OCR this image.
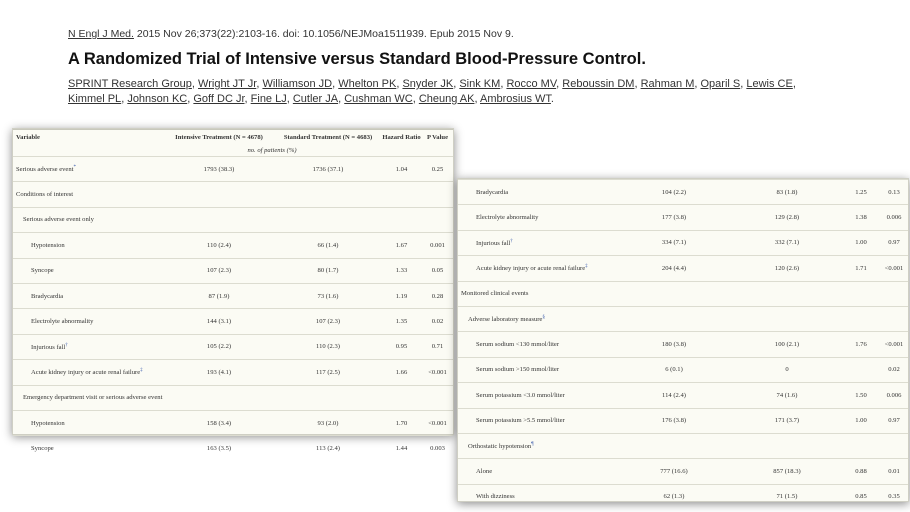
N Engl J Med. 2015 Nov 26;373(22):2103-16. doi: 10.1056/NEJMoa1511939. Epub 2015 Nov 9.
A Randomized Trial of Intensive versus Standard Blood-Pressure Control.
SPRINT Research Group, Wright JT Jr, Williamson JD, Whelton PK, Snyder JK, Sink KM, Rocco MV, Reboussin DM, Rahman M, Oparil S, Lewis CE, Kimmel PL, Johnson KC, Goff DC Jr, Fine LJ, Cutler JA, Cushman WC, Cheung AK, Ambrosius WT.
Variable	Intensive Treatment (N = 4678)	Standard Treatment (N = 4683)	Hazard Ratio	P Value
	no. of patients (%)			
Serious adverse event*	1793 (38.3)	1736 (37.1)	1.04	0.25
Conditions of interest				
Serious adverse event only				
Hypotension	110 (2.4)	66 (1.4)	1.67	0.001
Syncope	107 (2.3)	80 (1.7)	1.33	0.05
Bradycardia	87 (1.9)	73 (1.6)	1.19	0.28
Electrolyte abnormality	144 (3.1)	107 (2.3)	1.35	0.02
Injurious fall†	105 (2.2)	110 (2.3)	0.95	0.71
Acute kidney injury or acute renal failure‡	193 (4.1)	117 (2.5)	1.66	<0.001
Emergency department visit or serious adverse event				
Hypotension	158 (3.4)	93 (2.0)	1.70	<0.001
Syncope	163 (3.5)	113 (2.4)	1.44	0.003
Bradycardia	104 (2.2)	83 (1.8)	1.25	0.13
Electrolyte abnormality	177 (3.8)	129 (2.8)	1.38	0.006
Injurious fall†	334 (7.1)	332 (7.1)	1.00	0.97
Acute kidney injury or acute renal failure‡	204 (4.4)	120 (2.6)	1.71	<0.001
Monitored clinical events				
Adverse laboratory measure§				
Serum sodium <130 mmol/liter	180 (3.8)	100 (2.1)	1.76	<0.001
Serum sodium >150 mmol/liter	6 (0.1)	0		0.02
Serum potassium <3.0 mmol/liter	114 (2.4)	74 (1.6)	1.50	0.006
Serum potassium >5.5 mmol/liter	176 (3.8)	171 (3.7)	1.00	0.97
Orthostatic hypotension¶				
Alone	777 (16.6)	857 (18.3)	0.88	0.01
With dizziness	62 (1.3)	71 (1.5)	0.85	0.35
